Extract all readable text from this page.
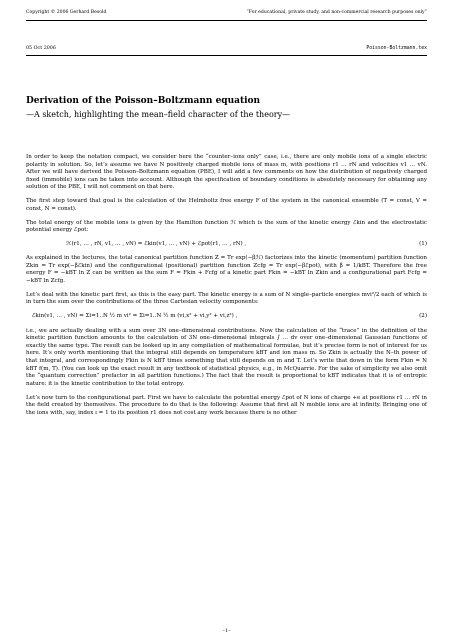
Copyright © 2006 Gerhard Besold	“For educational, private study, and non-commercial research purposes only”
05 Oct 2006	Poisson-Boltzmann.tex
Derivation of the Poisson–Boltzmann equation
—A sketch, highlighting the mean–field character of the theory—

In order to keep the notation compact, we consider here the “counter–ions only” case, i.e., there are only mobile ions of a single electric polarity in solution. So, let’s assume we have N positively charged mobile ions of mass m, with positions r1 … rN and velocities v1 … vN. After we will have derived the Poisson–Boltzmann equation (PBE), I will add a few comments on how the distribution of negatively charged fixed (immobile) ions can be taken into account. Although the specification of boundary conditions is absolutely necessary for obtaining any solution of the PBE, I will not comment on that here.

The first step toward that goal is the calculation of the Helmholtz free energy F of the system in the canonical ensemble (T = const, V = const, N = const).

The total energy of the mobile ions is given by the Hamilton function ℋ which is the sum of the kinetic energy ℰkin and the electrostatic potential energy ℰpot:

ℋ(r1, … , rN, v1, … , vN) = ℰkin(v1, … , vN) + ℰpot(r1, … , rN) ,	(1)

As explained in the lectures, the total canonical partition function Z = Tr exp(−βℋ) factorizes into the kinetic (momentum) partition function Zkin = Tr exp(−βℰkin) and the configurational (positional) partition function Zcfg = Tr exp(−βℰpot), with β = 1/kBT. Therefore the free energy F = −kBT ln Z can be written as the sum F = Fkin + Fcfg of a kinetic part Fkin = −kBT ln Zkin and a configurational part Fcfg = −kBT ln Zcfg.

Let’s deal with the kinetic part first, as this is the easy part. The kinetic energy is a sum of N single–particle energies mvi²/2 each of which is in turn the sum over the contributions of the three Cartesian velocity components:

ℰkin(v1, … , vN) = Σi=1..N ½ m vi² = Σi=1..N ½ m (vi,x² + vi,y² + vi,z²) ,	(2)

i.e., we are actually dealing with a sum over 3N one–dimensional contributions. Now the calculation of the “trace” in the definition of the kinetic partition function amounts to the calculation of 3N one–dimensional integrals ∫ … dv over one–dimensional Gaussian functions of exactly the same type. The result can be looked up in any compilation of mathematical formulae, but it’s precise form is not of interest for us here. It’s only worth mentioning that the integral still depends on temperature kBT and ion mass m. So Zkin is actually the N–th power of that integral, and correspondingly Fkin is N kBT times something that still depends on m and T. Let’s write that down in the form Fkin = N kBT f(m, T). (You can look up the exact result in any textbook of statistical physics, e.g., in McQuarrie. For the sake of simplicity we also omit the “quantum correction” prefactor in all partition functions.) The fact that the result is proportional to kBT indicates that it is of entropic nature: it is the kinetic contribution to the total entropy.

Let’s now turn to the configurational part. First we have to calculate the potential energy ℰpot of N ions of charge +e at positions r1 … rN in the field created by themselves. The procedure to do that is the following: Assume that first all N mobile ions are at infinity. Bringing one of the ions with, say, index ı = 1 to its position r1 does not cost any work because there is no other

–1–
